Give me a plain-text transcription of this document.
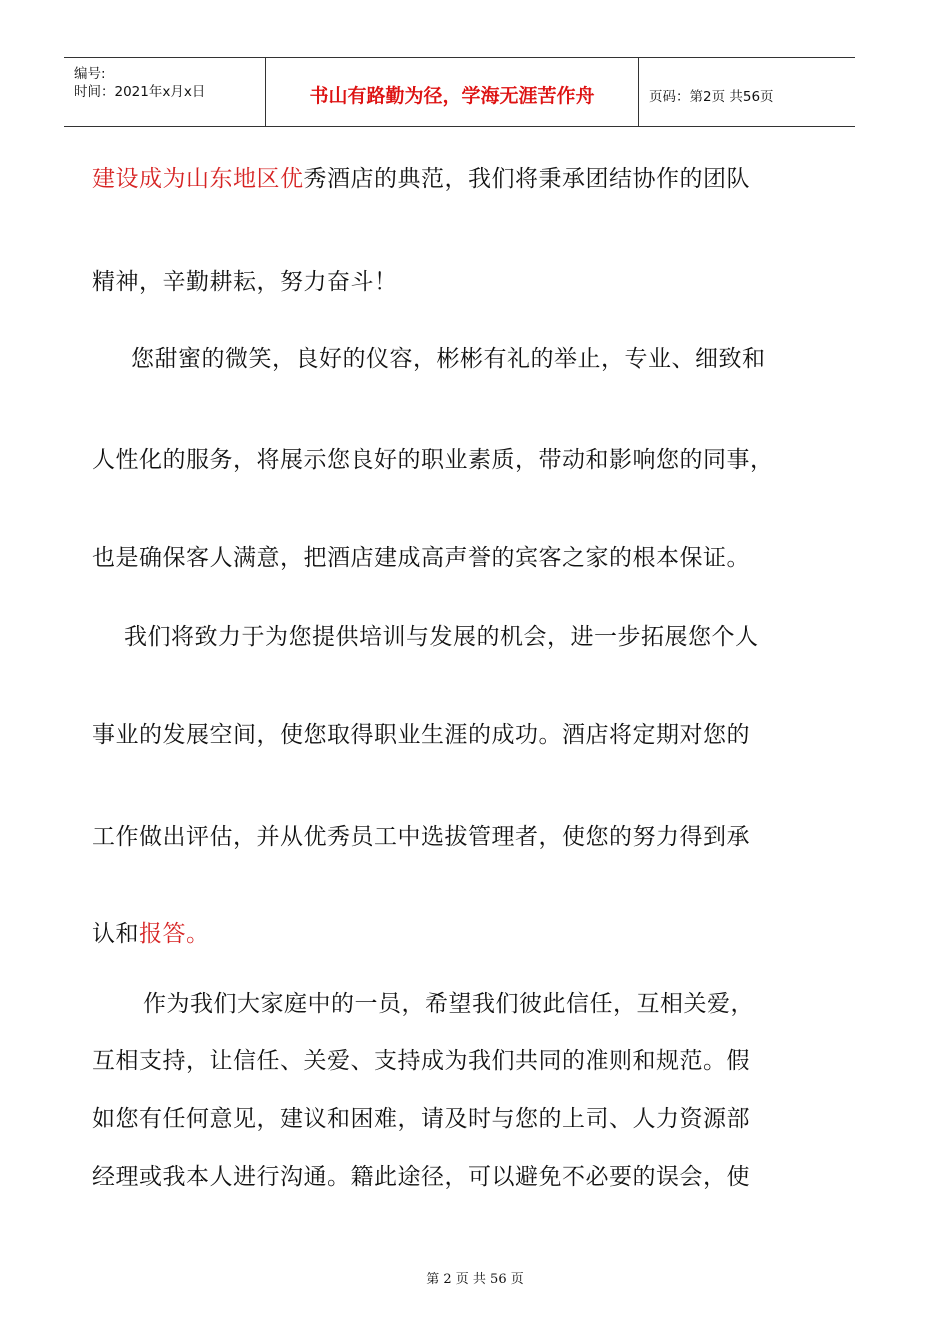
编号:
时间：2021年x月x日	书山有路勤为径，学海无涯苦作舟	页码：第2页 共56页
建设成为山东地区优秀酒店的典范，我们将秉承团结协作的团队
精神，辛勤耕耘，努力奋斗！
您甜蜜的微笑，良好的仪容，彬彬有礼的举止，专业、细致和
人性化的服务，将展示您良好的职业素质，带动和影响您的同事，
也是确保客人满意，把酒店建成高声誉的宾客之家的根本保证。
我们将致力于为您提供培训与发展的机会，进一步拓展您个人
事业的发展空间，使您取得职业生涯的成功。酒店将定期对您的
工作做出评估，并从优秀员工中选拔管理者，使您的努力得到承
认和报答。
作为我们大家庭中的一员，希望我们彼此信任，互相关爱，
互相支持，让信任、关爱、支持成为我们共同的准则和规范。假
如您有任何意见，建议和困难，请及时与您的上司、人力资源部
经理或我本人进行沟通。籍此途径，可以避免不必要的误会，使
第 2 页 共 56 页
